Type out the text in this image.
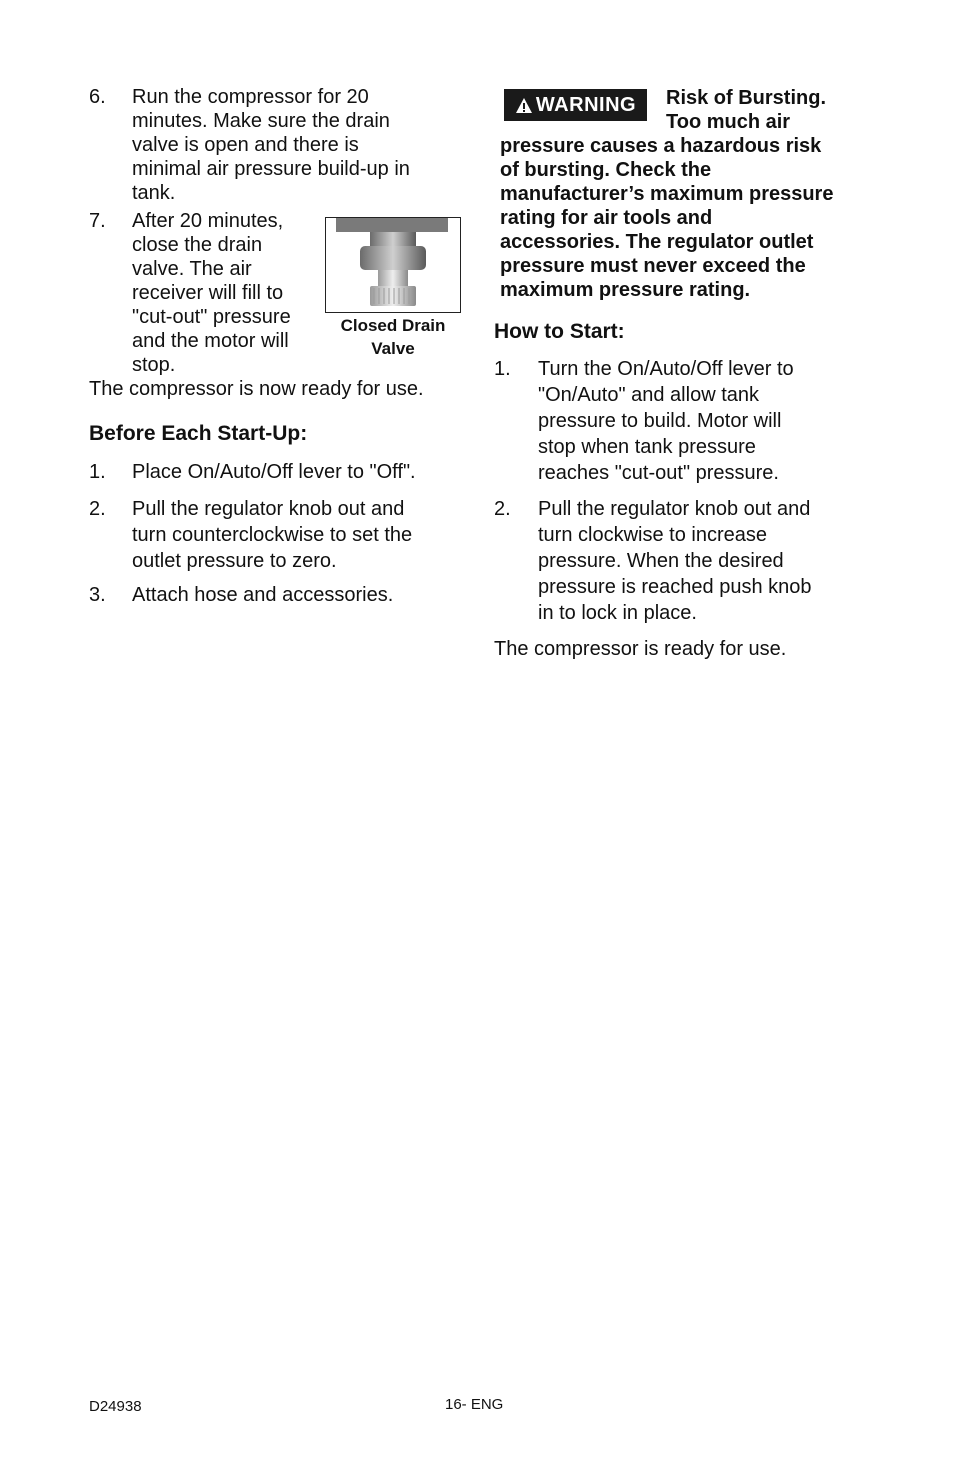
6. Run the compressor for 20
minutes. Make sure the drain
valve is open and there is
minimal air pressure build-up in
tank.
7. After 20 minutes,
close the drain
valve. The air
receiver will fill to
"cut-out" pressure
and the motor will
stop.
Closed Drain
Valve
The compressor is now ready for use.
Before Each Start-Up:
1. Place On/Auto/Off lever to "Off".
2. Pull the regulator knob out and
turn counterclockwise to set the
outlet pressure to zero.
3. Attach hose and accessories.
WARNING Risk of Bursting.
Too much air
pressure causes a hazardous risk
of bursting. Check the
manufacturer’s maximum pressure
rating for air tools and
accessories. The regulator outlet
pressure must never exceed the
maximum pressure rating.
How to Start:
1. Turn the On/Auto/Off lever to
"On/Auto" and allow tank
pressure to build. Motor will
stop when tank pressure
reaches "cut-out" pressure.
2. Pull the regulator knob out and
turn clockwise to increase
pressure. When the desired
pressure is reached push knob
in to lock in place.
The compressor is ready for use.
D24938	16- ENG
